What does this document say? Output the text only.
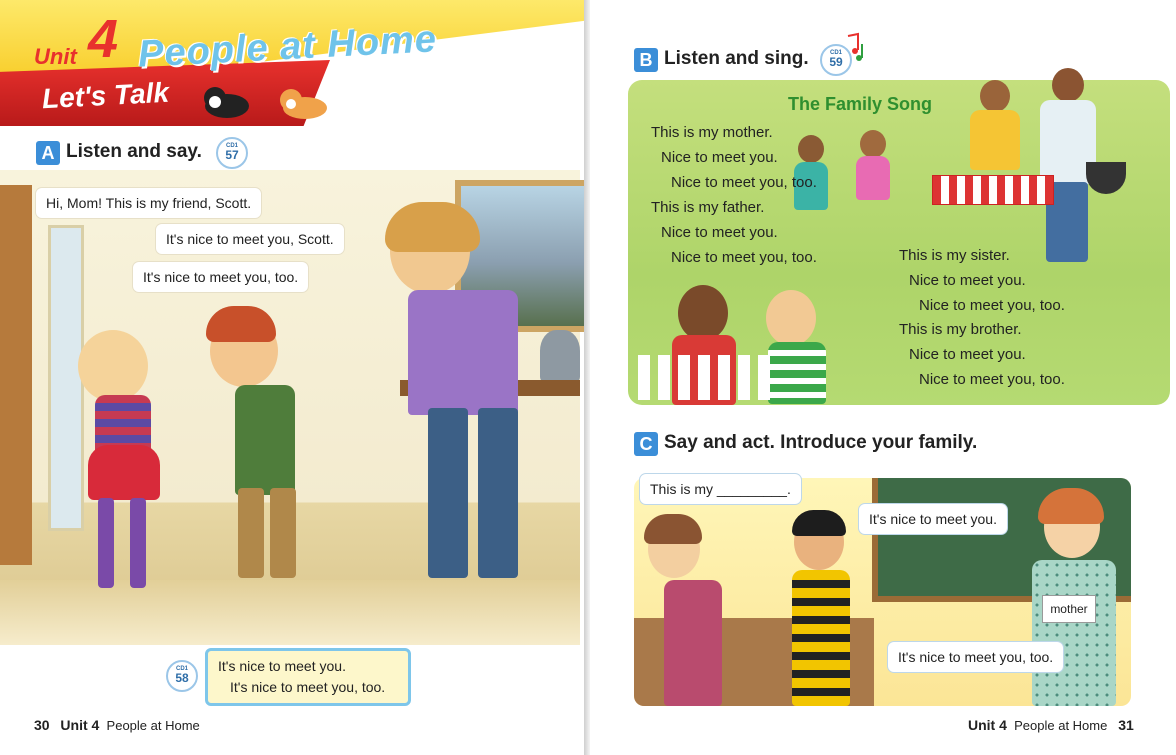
Unit 4 People at Home
Let's Talk
A Listen and say.	CD1
57
Hi, Mom! This is my friend, Scott.
It's nice to meet you, Scott.
It's nice to meet you, too.
CD1
58
It's nice to meet you.
It's nice to meet you, too.
30 Unit 4 People at Home
B Listen and sing.	CD1
59
The Family Song
This is my mother.
Nice to meet you.
Nice to meet you, too.
This is my father.
Nice to meet you.
Nice to meet you, too.	This is my sister.
Nice to meet you.
Nice to meet you, too.
This is my brother.
Nice to meet you.
Nice to meet you, too.
C Say and act. Introduce your family.
mother
This is my _________.
It's nice to meet you.
It's nice to meet you, too.
Unit 4 People at Home 31
